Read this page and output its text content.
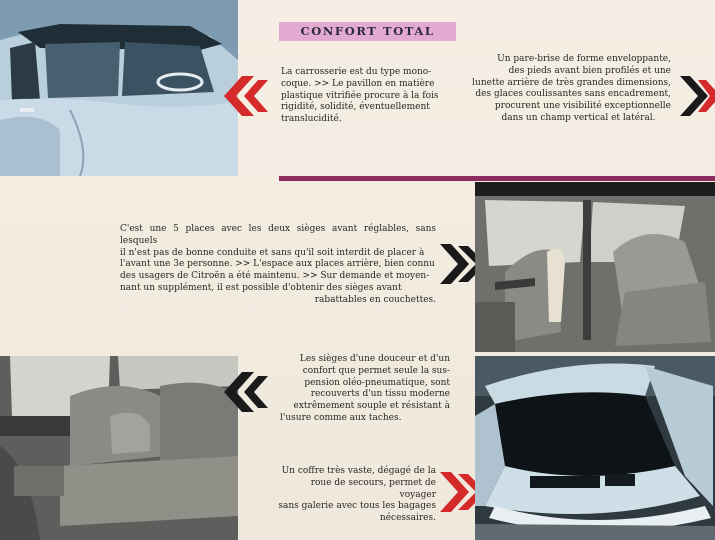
CONFORT TOTAL
La carrosserie est du type mono-
coque. >> Le pavillon en matière
plastique vitrifiée procure à la fois
rigidité, solidité, éventuellement
translucidité.
Un pare-brise de forme enveloppante,
des pieds avant bien profilés et une
lunette arrière de très grandes dimensions,
des glaces coulissantes sans encadrement,
procurent une visibilité exceptionnelle
dans un champ vertical et latéral.
C'est une 5 places avec les deux sièges avant réglables, sans lesquels
il n'est pas de bonne conduite et sans qu'il soit interdit de placer à
l'avant une 3e personne. >> L'espace aux places arrière, bien connu
des usagers de Citroën a été maintenu. >> Sur demande et moyen-
nant un supplément, il est possible d'obtenir des sièges avant
rabattables en couchettes.
Les sièges d'une douceur et d'un
confort que permet seule la sus-
pension oléo-pneumatique, sont
recouverts d'un tissu moderne
extrêmement souple et résistant à
l'usure comme aux taches.
Un coffre très vaste, dégagé de la
roue de secours, permet de voyager
sans galerie avec tous les bagages
nécessaires.
